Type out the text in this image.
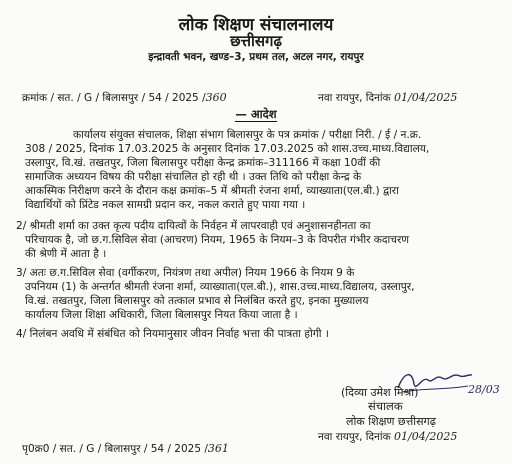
लोक शिक्षण संचालनालय
छत्तीसगढ़
इन्द्रावती भवन, खण्ड–3, प्रथम तल, अटल नगर, रायपुर
क्रमांक / सत. / G / बिलासपुर / 54 / 2025 /360	नवा रायपुर, दिनांक 01/04/2025
— आदेश
कार्यालय संयुक्त संचालक, शिक्षा संभाग बिलासपुर के पत्र क्रमांक / परीक्षा निरी. / ई / न.क्र.
308 / 2025, दिनांक 17.03.2025 के अनुसार दिनांक 17.03.2025 को शास.उच्च.माध्य.विद्यालय,
उस्लापुर, वि.खं. तखतपुर, जिला बिलासपुर परीक्षा केन्द्र क्रमांक–311166 में कक्षा 10वीं की
सामाजिक अध्ययन विषय की परीक्षा संचालित हो रही थी । उक्त तिथि को परीक्षा केन्द्र के
आकस्मिक निरीक्षण करने के दौरान कक्ष क्रमांक–5 में श्रीमती रंजना शर्मा, व्याख्याता(एल.बी.) द्वारा
विद्यार्थियों को प्रिंटेड नकल सामग्री प्रदान कर, नकल कराते हुए पाया गया ।
2/ श्रीमती शर्मा का उक्त कृत्य पदीय दायित्वों के निर्वहन में लापरवाही एवं अनुशासनहीनता का
परिचायक है, जो छ.ग.सिविल सेवा (आचरण) नियम, 1965 के नियम–3 के विपरीत गंभीर कदाचरण
की श्रेणी में आता है ।
3/ अतः छ.ग.सिविल सेवा (वर्गीकरण, नियंत्रण तथा अपील) नियम 1966 के नियम 9 के
उपनियम (1) के अन्तर्गत श्रीमती रंजना शर्मा, व्याख्याता(एल.बी.), शास.उच्च.माध्य.विद्यालय, उस्लापुर,
वि.खं. तखतपुर, जिला बिलासपुर को तत्काल प्रभाव से निलंबित करते हुए, इनका मुख्यालय
कार्यालय जिला शिक्षा अधिकारी, जिला बिलासपुर नियत किया जाता है ।
4/ निलंबन अवधि में संबंधित को नियमानुसार जीवन निर्वाह भत्ता की पात्रता होगी ।
(दिव्या उमेश मिश्रा)	28/03
संचालक
लोक शिक्षण छत्तीसगढ़
पृ0क्र0 / सत. / G / बिलासपुर / 54 / 2025 /361
नवा रायपुर, दिनांक 01/04/2025
